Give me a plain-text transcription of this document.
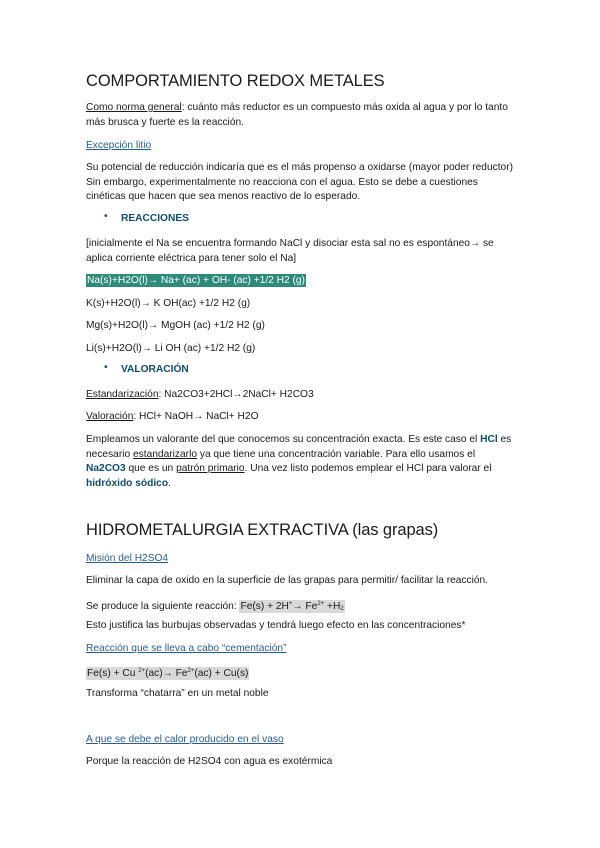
COMPORTAMIENTO REDOX METALES

Como norma general: cuánto más reductor es un compuesto más oxida al agua y por lo tanto más brusca y fuerte es la reacción.

Excepción litio

Su potencial de reducción indicaría que es el más propenso a oxidarse (mayor poder reductor) Sin embargo, experimentalmente no reacciona con el agua. Esto se debe a cuestiones cinéticas que hacen que sea menos reactivo de lo esperado.

• REACCIONES

[inicialmente el Na se encuentra formando NaCl y disociar esta sal no es espontáneo→ se aplica corriente eléctrica para tener solo el Na]

Na(s)+H2O(l)→ Na+ (ac) + OH- (ac) +1/2 H2 (g)

K(s)+H2O(l)→ K OH(ac) +1/2 H2 (g)

Mg(s)+H2O(l)→ MgOH (ac) +1/2 H2 (g)

Li(s)+H2O(l)→ Li OH (ac) +1/2 H2 (g)

• VALORACIÓN

Estandarización: Na2CO3+2HCl→2NaCl+ H2CO3

Valoración: HCl+ NaOH→ NaCl+ H2O

Empleamos un valorante del que conocemos su concentración exacta. Es este caso el HCl es necesario estandarizarlo ya que tiene una concentración variable. Para ello usamos el Na2CO3 que es un patrón primario. Una vez listo podemos emplear el HCl para valorar el hidróxido sódico.

HIDROMETALURGIA EXTRACTIVA (las grapas)

Misión del H2SO4

Eliminar la capa de oxido en la superficie de las grapas para permitir/ facilitar la reacción.

Se produce la siguiente reacción: $Fe(s) + 2H^+\to Fe^{2+} +H_2$

Esto justifica las burbujas observadas y tendrá luego efecto en las concentraciones*

Reacción que se lleva a cabo “cementación”

Fe(s) + Cu $^{2+}(ac)\to Fe^{2+}(ac) + Cu(s)$

Transforma “chatarra” en un metal noble

A que se debe el calor producido en el vaso

Porque la reacción de H2SO4 con agua es exotérmica
